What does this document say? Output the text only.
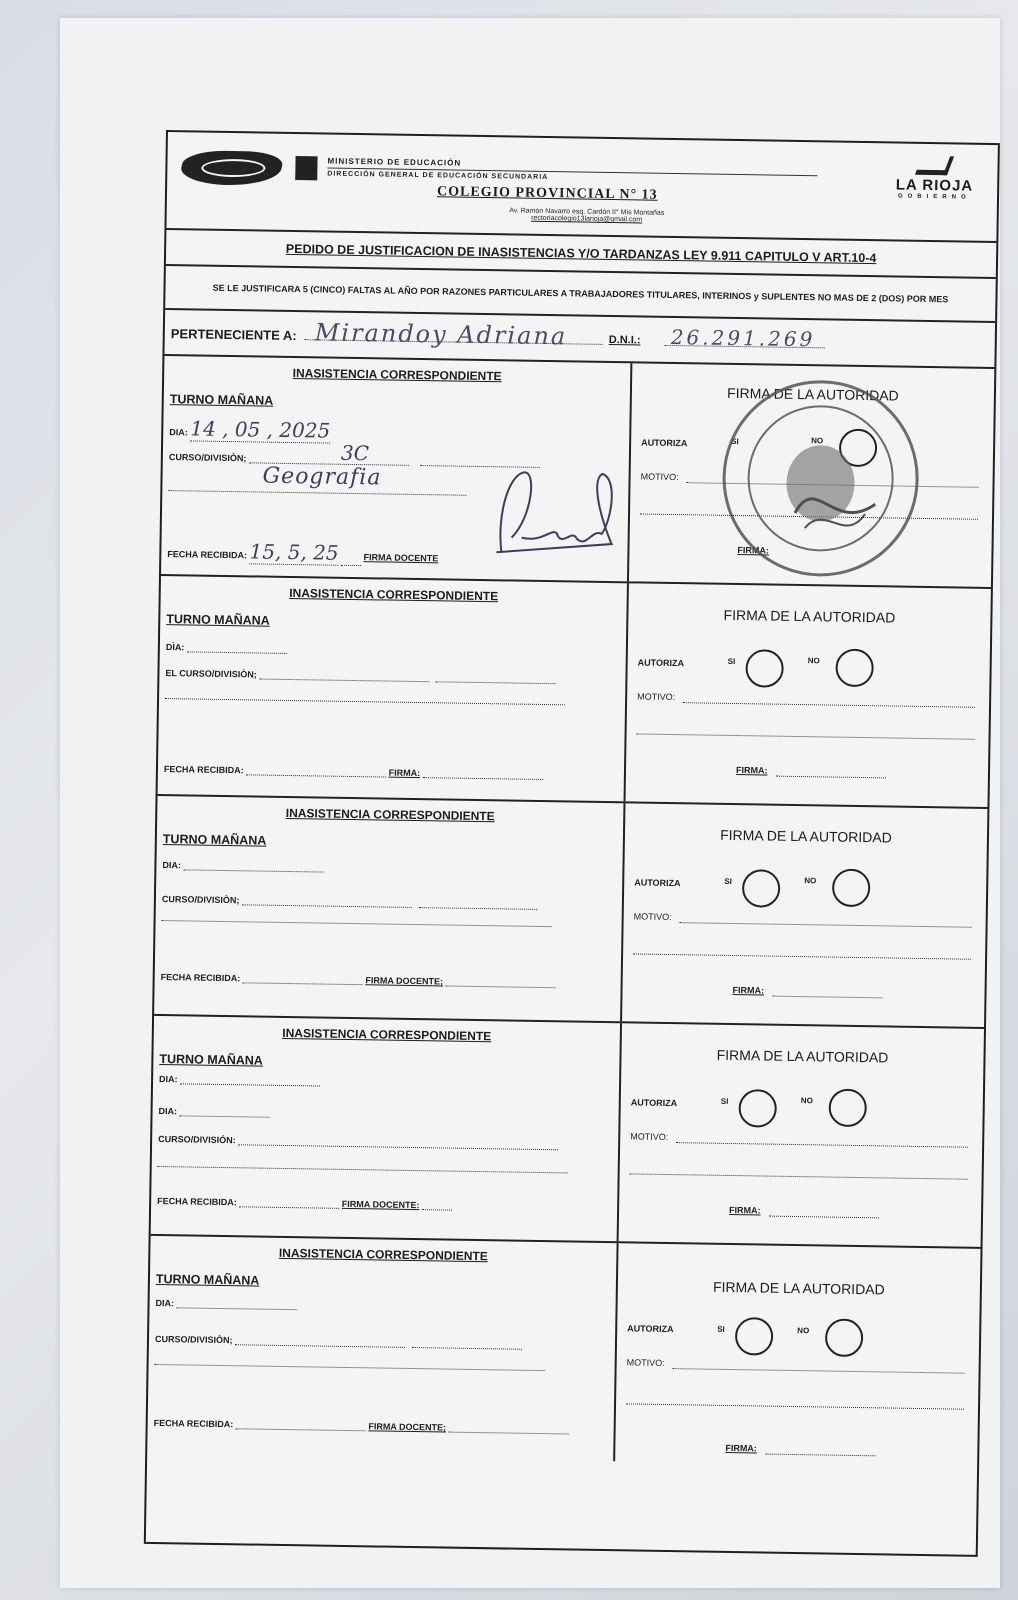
MINISTERIO DE EDUCACIÓN
DIRECCIÓN GENERAL DE EDUCACIÓN SECUNDARIA
COLEGIO PROVINCIAL N° 13
Av. Ramón Navarro esq. Cardón II° Mis Montañas
rectoriacolegio13larioja@gmail.com
LA RIOJA
GOBIERNO
PEDIDO DE JUSTIFICACION DE INASISTENCIAS Y/O TARDANZAS LEY 9.911 CAPITULO V ART.10-4
SE LE JUSTIFICARA 5 (CINCO) FALTAS AL AÑO POR RAZONES PARTICULARES A TRABAJADORES TITULARES, INTERINOS y SUPLENTES NO MAS DE 2 (DOS) POR MES
PERTENECIENTE A: Mirandoy Adriana	D.N.I.: 26.291.269
INASISTENCIA CORRESPONDIENTE
TURNO MAÑANA
DIA: 14 , 05 , 2025
CURSO/DIVISIÒN;	3C
Geografia
FECHA RECIBIDA: 15, 5, 25	FIRMA DOCENTE
FIRMA DE LA AUTORIDAD
AUTORIZA	SI	NO
MOTIVO:
FIRMA:
INASISTENCIA CORRESPONDIENTE
TURNO MAÑANA
DÌA:
EL CURSO/DIVISIÒN;
FECHA RECIBIDA:	FIRMA:
FIRMA DE LA AUTORIDAD
AUTORIZA	SI	NO
MOTIVO:
FIRMA:
INASISTENCIA CORRESPONDIENTE
TURNO MAÑANA
DIA:
CURSO/DIVISIÒN;
FECHA RECIBIDA:	FIRMA DOCENTE;
FIRMA DE LA AUTORIDAD
AUTORIZA	SI	NO
MOTIVO:
FIRMA:
INASISTENCIA CORRESPONDIENTE
TURNO MAÑANA
DIA:
DIA:
CURSO/DIVISIÓN:
FECHA RECIBIDA:	FIRMA DOCENTE:
FIRMA DE LA AUTORIDAD
AUTORIZA	SI	NO
MOTIVO:
FIRMA:
INASISTENCIA CORRESPONDIENTE
TURNO MAÑANA
DIA:
CURSO/DIVISIÒN;
FECHA RECIBIDA:	FIRMA DOCENTE;
FIRMA DE LA AUTORIDAD
AUTORIZA	SI	NO
MOTIVO:
FIRMA:
